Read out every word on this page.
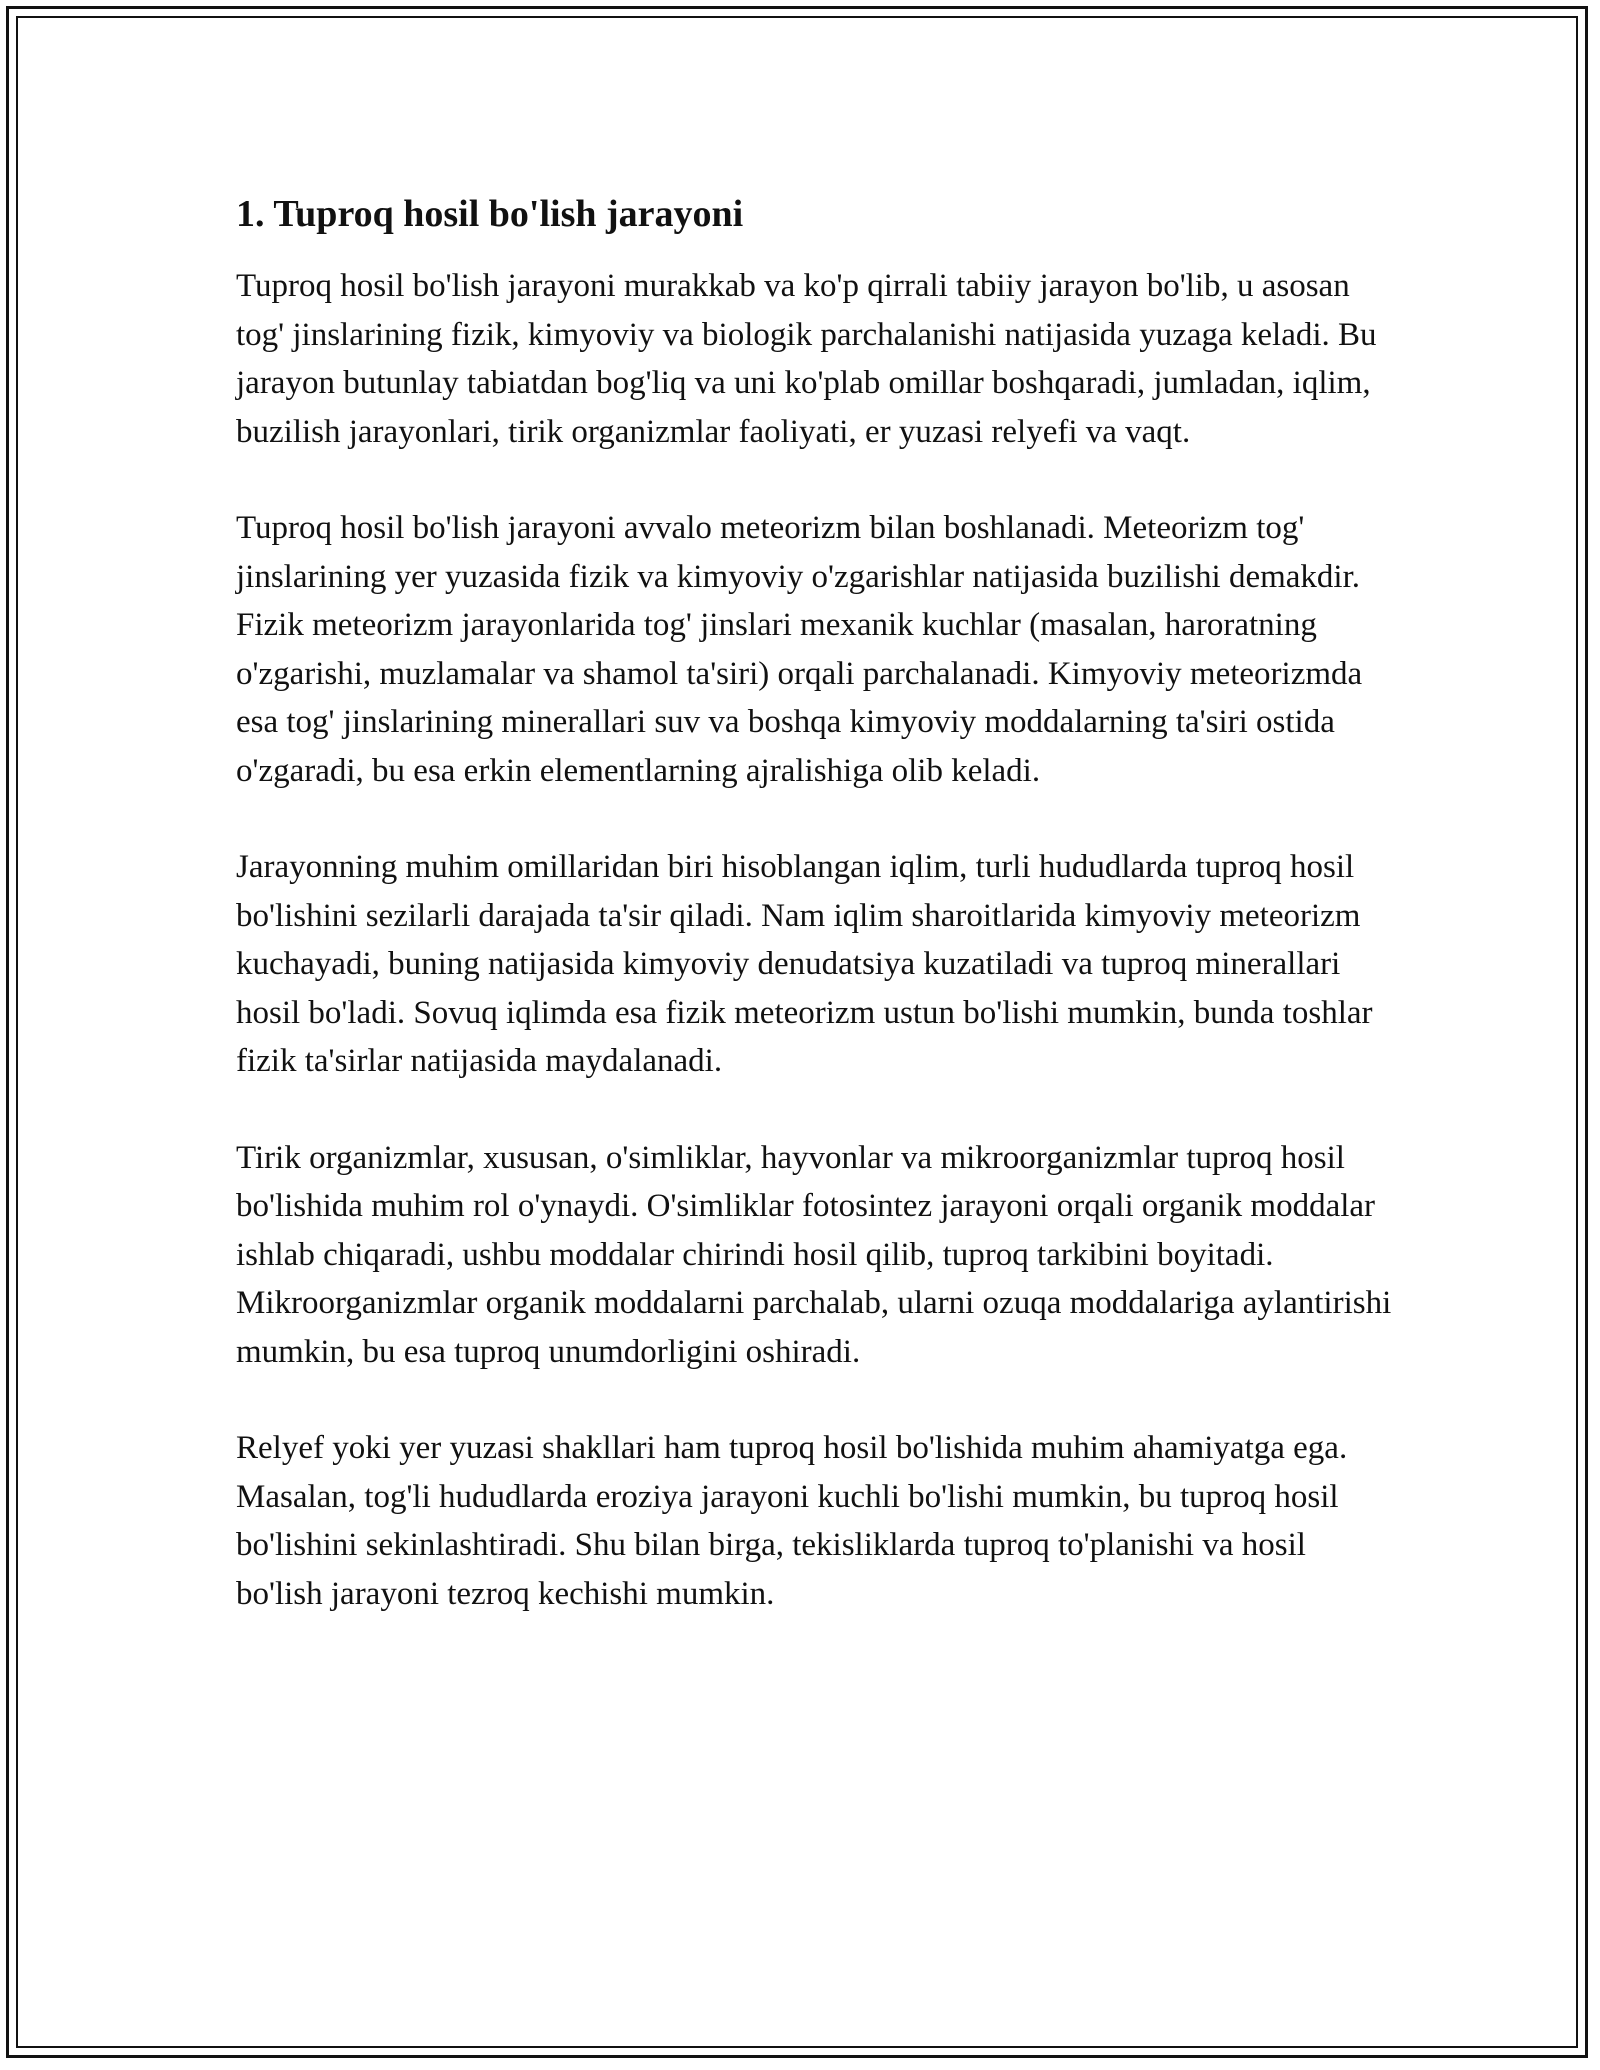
1. Tuproq hosil bo'lish jarayoni

Tuproq hosil bo'lish jarayoni murakkab va ko'p qirrali tabiiy jarayon bo'lib, u asosan tog' jinslarining fizik, kimyoviy va biologik parchalanishi natijasida yuzaga keladi. Bu jarayon butunlay tabiatdan bog'liq va uni ko'plab omillar boshqaradi, jumladan, iqlim, buzilish jarayonlari, tirik organizmlar faoliyati, er yuzasi relyefi va vaqt.

Tuproq hosil bo'lish jarayoni avvalo meteorizm bilan boshlanadi. Meteorizm tog' jinslarining yer yuzasida fizik va kimyoviy o'zgarishlar natijasida buzilishi demakdir. Fizik meteorizm jarayonlarida tog' jinslari mexanik kuchlar (masalan, haroratning o'zgarishi, muzlamalar va shamol ta'siri) orqali parchalanadi. Kimyoviy meteorizmda esa tog' jinslarining minerallari suv va boshqa kimyoviy moddalarning ta'siri ostida o'zgaradi, bu esa erkin elementlarning ajralishiga olib keladi.

Jarayonning muhim omillaridan biri hisoblangan iqlim, turli hududlarda tuproq hosil bo'lishini sezilarli darajada ta'sir qiladi. Nam iqlim sharoitlarida kimyoviy meteorizm kuchayadi, buning natijasida kimyoviy denudatsiya kuzatiladi va tuproq minerallari hosil bo'ladi. Sovuq iqlimda esa fizik meteorizm ustun bo'lishi mumkin, bunda toshlar fizik ta'sirlar natijasida maydalanadi.

Tirik organizmlar, xususan, o'simliklar, hayvonlar va mikroorganizmlar tuproq hosil bo'lishida muhim rol o'ynaydi. O'simliklar fotosintez jarayoni orqali organik moddalar ishlab chiqaradi, ushbu moddalar chirindi hosil qilib, tuproq tarkibini boyitadi. Mikroorganizmlar organik moddalarni parchalab, ularni ozuqa moddalariga aylantirishi mumkin, bu esa tuproq unumdorligini oshiradi.

Relyef yoki yer yuzasi shakllari ham tuproq hosil bo'lishida muhim ahamiyatga ega. Masalan, tog'li hududlarda eroziya jarayoni kuchli bo'lishi mumkin, bu tuproq hosil bo'lishini sekinlashtiradi. Shu bilan birga, tekisliklarda tuproq to'planishi va hosil bo'lish jarayoni tezroq kechishi mumkin.
